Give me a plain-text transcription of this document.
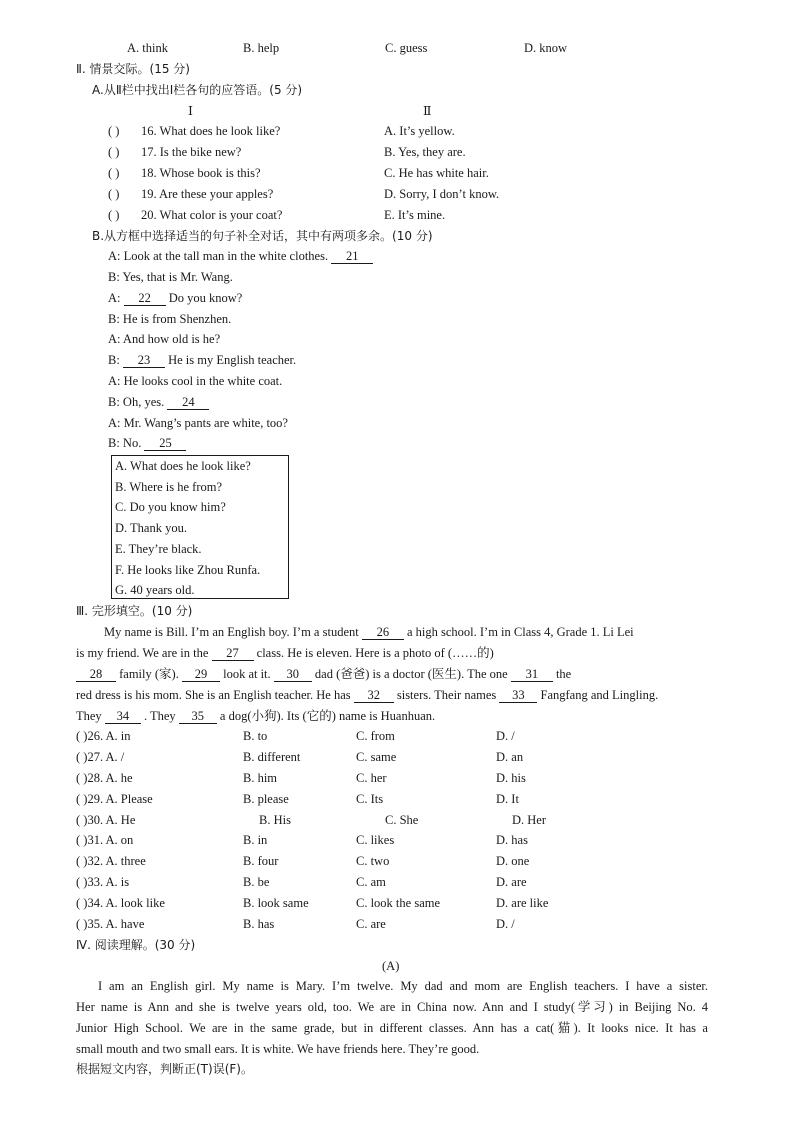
A. think	B. help	C. guess	D. know
Ⅱ. 情景交际。(15 分)
A.从Ⅱ栏中找出Ⅰ栏各句的应答语。(5 分)
Ⅰ	Ⅱ
( ) 16. What does he look like?	A. It’s yellow.
( ) 17. Is the bike new?	B. Yes, they are.
( ) 18. Whose book is this?	C. He has white hair.
( ) 19. Are these your apples?	D. Sorry, I don’t know.
( ) 20. What color is your coat?	E. It’s mine.
B.从方框中选择适当的句子补全对话，其中有两项多余。(10 分)
A: Look at the tall man in the white clothes. 21
B: Yes, that is Mr. Wang.
A: 22 Do you know?
B: He is from Shenzhen.
A: And how old is he?
B: 23 He is my English teacher.
A: He looks cool in the white coat.
B: Oh, yes. 24
A: Mr. Wang’s pants are white, too?
B: No. 25
A. What does he look like?
B. Where is he from?
C. Do you know him?
D. Thank you.
E. They’re black.
F. He looks like Zhou Runfa.
G. 40 years old.
Ⅲ. 完形填空。(10 分)
My name is Bill. I’m an English boy. I’m a student 26 a high school. I’m in Class 4, Grade 1. Li Lei
is my friend. We are in the 27 class. He is eleven. Here is a photo of (……的)
28 family (家). 29 look at it. 30 dad (爸爸) is a doctor (医生). The one 31 the
red dress is his mom. She is an English teacher. He has 32 sisters. Their names 33 Fangfang and Lingling.
They 34 . They 35 a dog(小狗). Its (它的) name is Huanhuan.
( )26. A. in	B. to	C. from	D. /
( )27. A. /	B. different	C. same	D. an
( )28. A. he	B. him	C. her	D. his
( )29. A. Please	B. please	C. Its	D. It
( )30. A. He	B. His	C. She	D. Her
( )31. A. on	B. in	C. likes	D. has
( )32. A. three	B. four	C. two	D. one
( )33. A. is	B. be	C. am	D. are
( )34. A. look like	B. look same	C. look the same	D. are like
( )35. A. have	B. has	C. are	D. /
Ⅳ. 阅读理解。(30 分)
(A)
I am an English girl. My name is Mary. I’m twelve. My dad and mom are English teachers. I have a sister.
Her name is Ann and she is twelve years old, too. We are in China now. Ann and I study(学习) in Beijing No. 4
Junior High School. We are in the same grade, but in different classes. Ann has a cat(猫). It looks nice. It has a
small mouth and two small ears. It is white. We have friends here. They’re good.
根据短文内容，判断正(T)误(F)。
